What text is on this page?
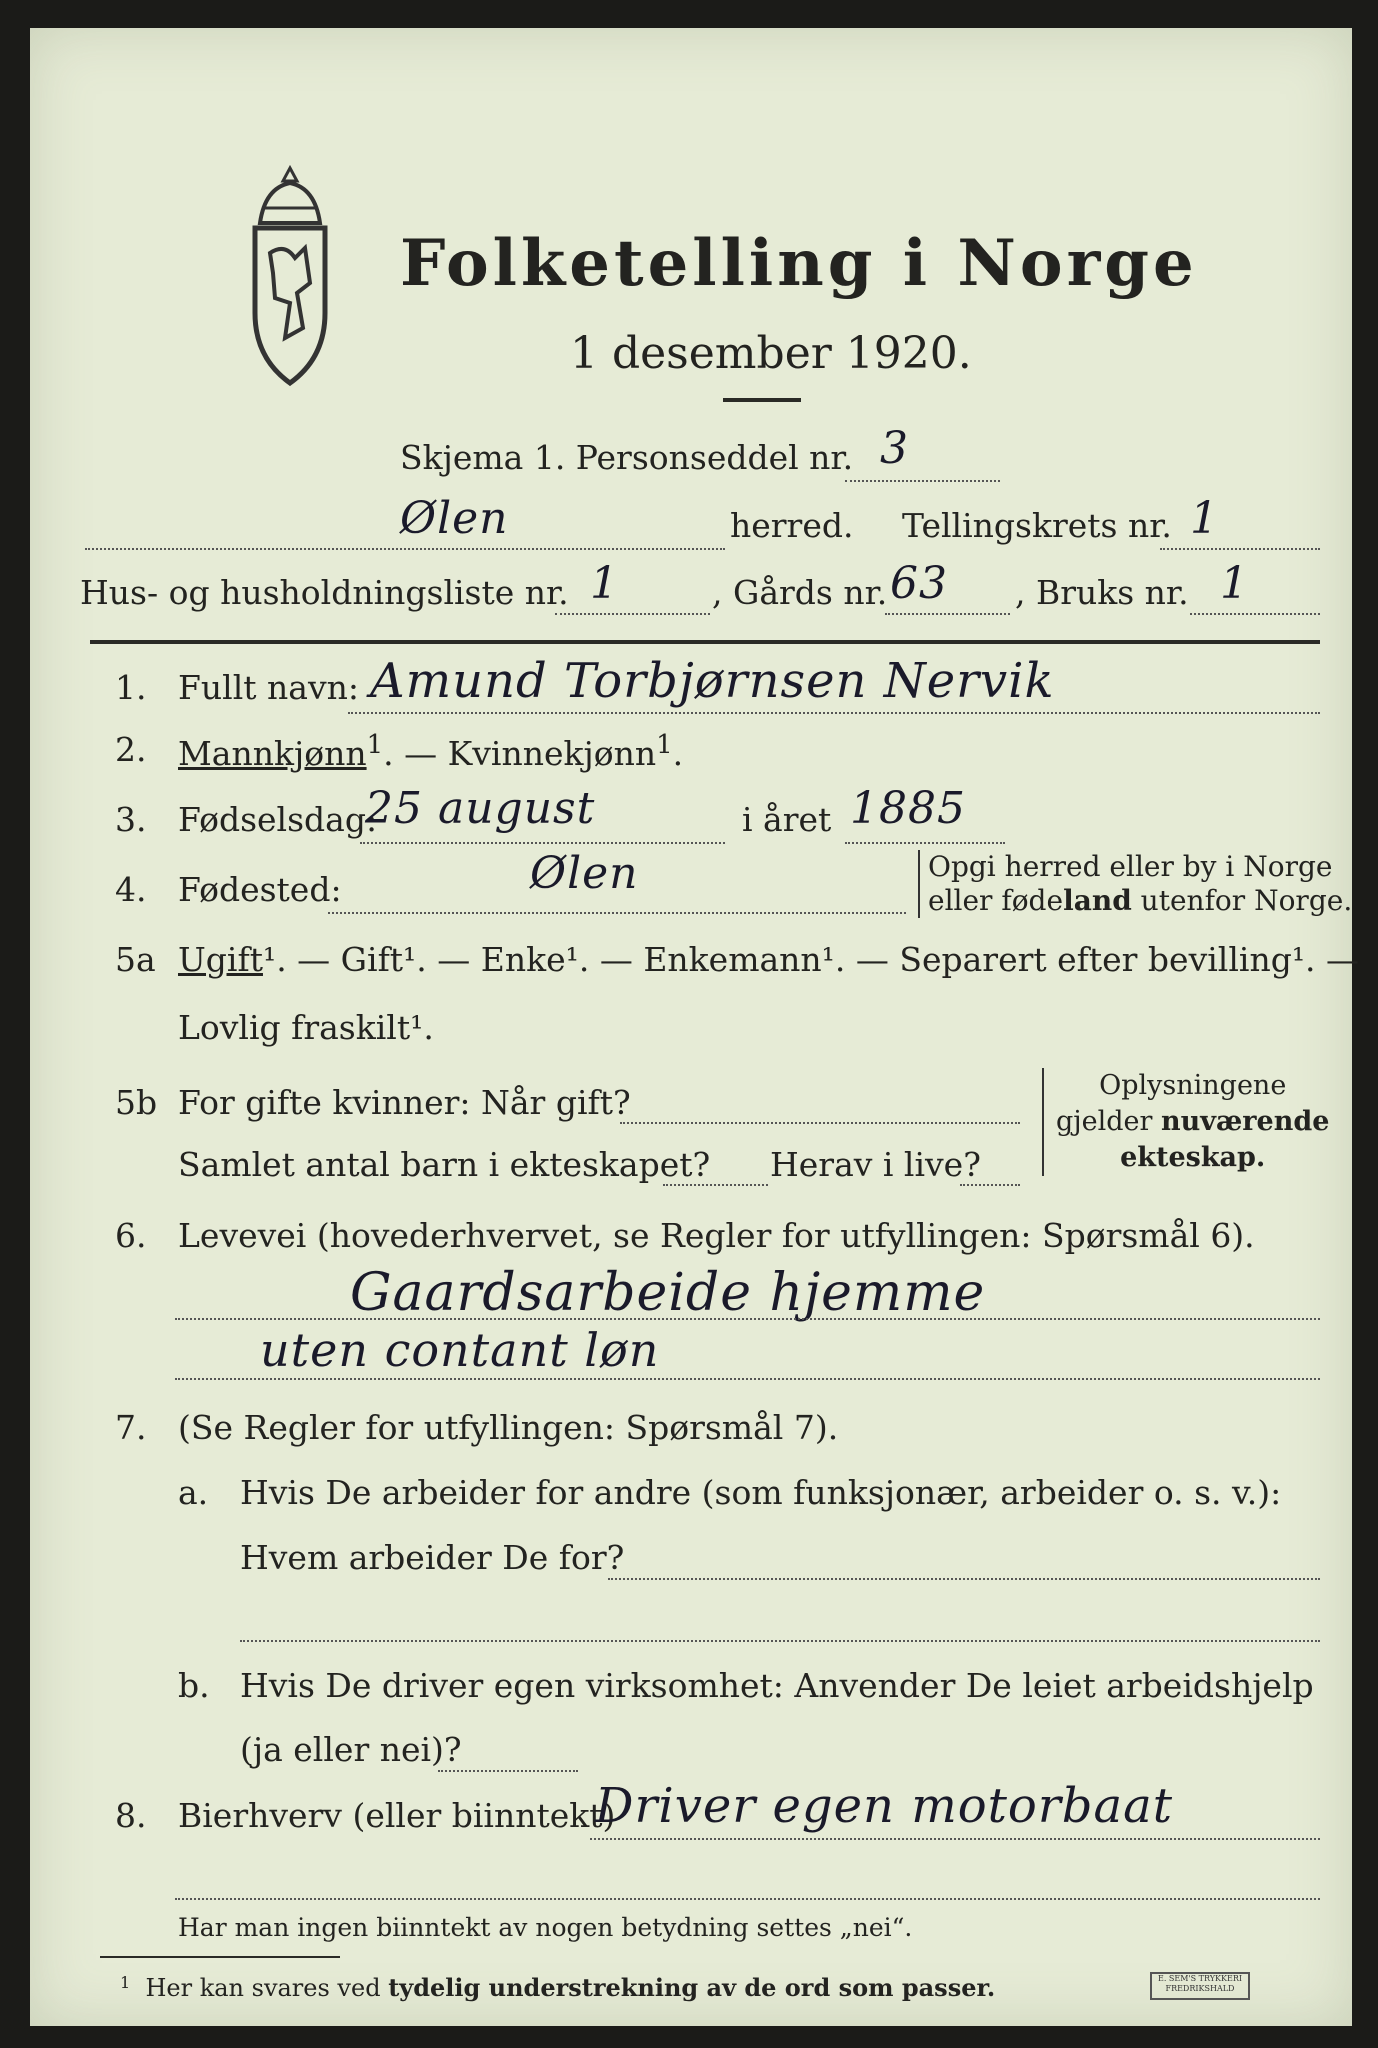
Folketelling i Norge
1 desember 1920.
Skjema 1. Personseddel nr. 3
Ølen	herred. Tellingskrets nr. 1
Hus- og husholdningsliste nr. 1	, Gårds nr. 63 , Bruks nr. 1
1. Fullt navn: Amund Torbjørnsen Nervik
2. Mannkjønn$^1$. — Kvinnekjønn$^1$.
3. Fødselsdag:
25 august	i året 1885
4. Fødested:	Ølen	Opgi herred eller by i Norge
eller fødeland utenfor Norge.
5a Ugift¹. — Gift¹. — Enke¹. — Enkemann¹. — Separert efter bevilling¹. —
Lovlig fraskilt¹.
5b For gifte kvinner: Når gift?
Samlet antal barn i ekteskapet? Herav i live?
Oplysningene
gjelder nuværende
ekteskap.
6. Levevei (hovederhvervet, se Regler for utfyllingen: Spørsmål 6).
Gaardsarbeide hjemme
uten contant løn
7. (Se Regler for utfyllingen: Spørsmål 7).
a. Hvis De arbeider for andre (som funksjonær, arbeider o. s. v.):
Hvem arbeider De for?
b. Hvis De driver egen virksomhet: Anvender De leiet arbeidshjelp
(ja eller nei)?
8. Bierhverv (eller biinntekt)
Driver egen motorbaat
Har man ingen biinntekt av nogen betydning settes „nei“.
$^1$ Her kan svares ved tydelig understrekning av de ord som passer.	E. SEM'S TRYKKERI
FREDRIKSHALD
